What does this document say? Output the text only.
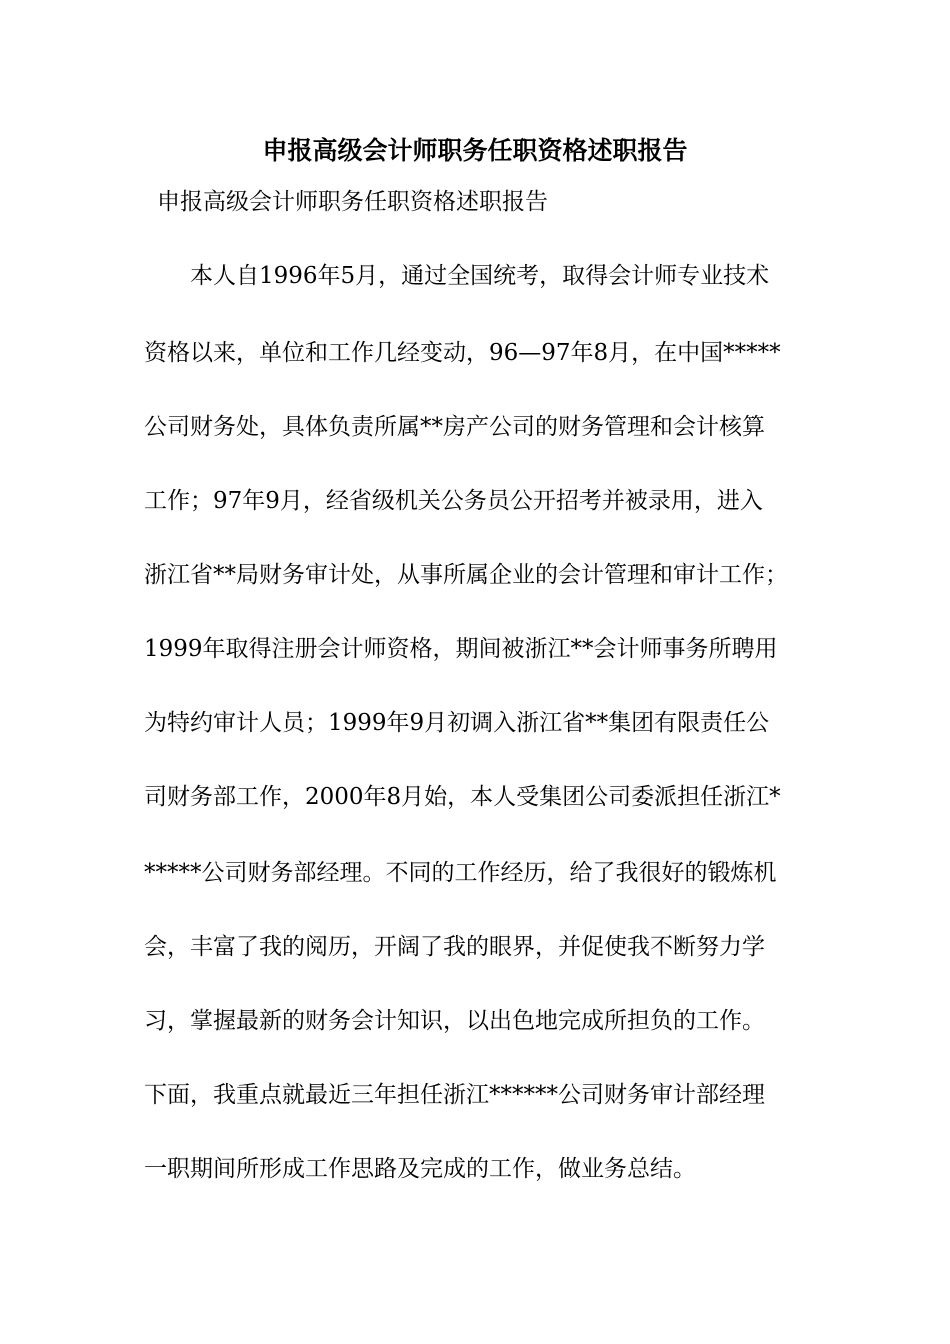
申报高级会计师职务任职资格述职报告
申报高级会计师职务任职资格述职报告
　　本人自1996年5月，通过全国统考，取得会计师专业技术
资格以来，单位和工作几经变动，96—97年8月，在中国*****
公司财务处，具体负责所属**房产公司的财务管理和会计核算
工作；97年9月，经省级机关公务员公开招考并被录用，进入
浙江省**局财务审计处，从事所属企业的会计管理和审计工作；
1999年取得注册会计师资格，期间被浙江**会计师事务所聘用
为特约审计人员；1999年9月初调入浙江省**集团有限责任公
司财务部工作，2000年8月始，本人受集团公司委派担任浙江*
*****公司财务部经理。不同的工作经历，给了我很好的锻炼机
会，丰富了我的阅历，开阔了我的眼界，并促使我不断努力学
习，掌握最新的财务会计知识，以出色地完成所担负的工作。
下面，我重点就最近三年担任浙江******公司财务审计部经理
一职期间所形成工作思路及完成的工作，做业务总结。
